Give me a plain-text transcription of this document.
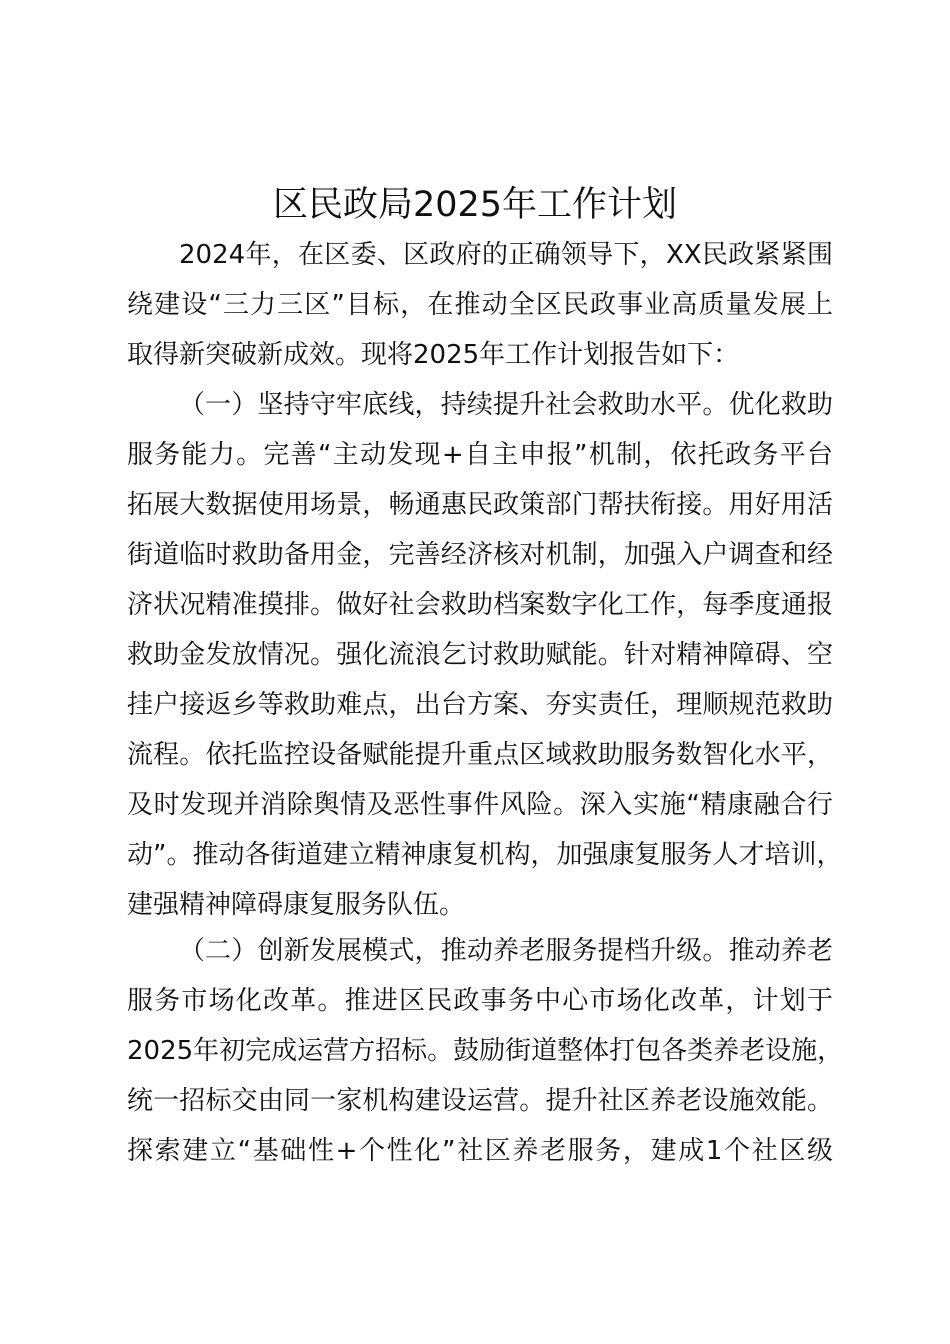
区民政局2025年工作计划
2024年，在区委、区政府的正确领导下，XX民政紧紧围
绕建设“三力三区”目标，在推动全区民政事业高质量发展上
取得新突破新成效。现将2025年工作计划报告如下：
（一）坚持守牢底线，持续提升社会救助水平。优化救助
服务能力。完善“主动发现+自主申报”机制，依托政务平台
拓展大数据使用场景，畅通惠民政策部门帮扶衔接。用好用活
街道临时救助备用金，完善经济核对机制，加强入户调查和经
济状况精准摸排。做好社会救助档案数字化工作，每季度通报
救助金发放情况。强化流浪乞讨救助赋能。针对精神障碍、空
挂户接返乡等救助难点，出台方案、夯实责任，理顺规范救助
流程。依托监控设备赋能提升重点区域救助服务数智化水平，
及时发现并消除舆情及恶性事件风险。深入实施“精康融合行
动”。推动各街道建立精神康复机构，加强康复服务人才培训，
建强精神障碍康复服务队伍。
（二）创新发展模式，推动养老服务提档升级。推动养老
服务市场化改革。推进区民政事务中心市场化改革，计划于
2025年初完成运营方招标。鼓励街道整体打包各类养老设施，
统一招标交由同一家机构建设运营。提升社区养老设施效能。
探索建立“基础性+个性化”社区养老服务，建成1个社区级
